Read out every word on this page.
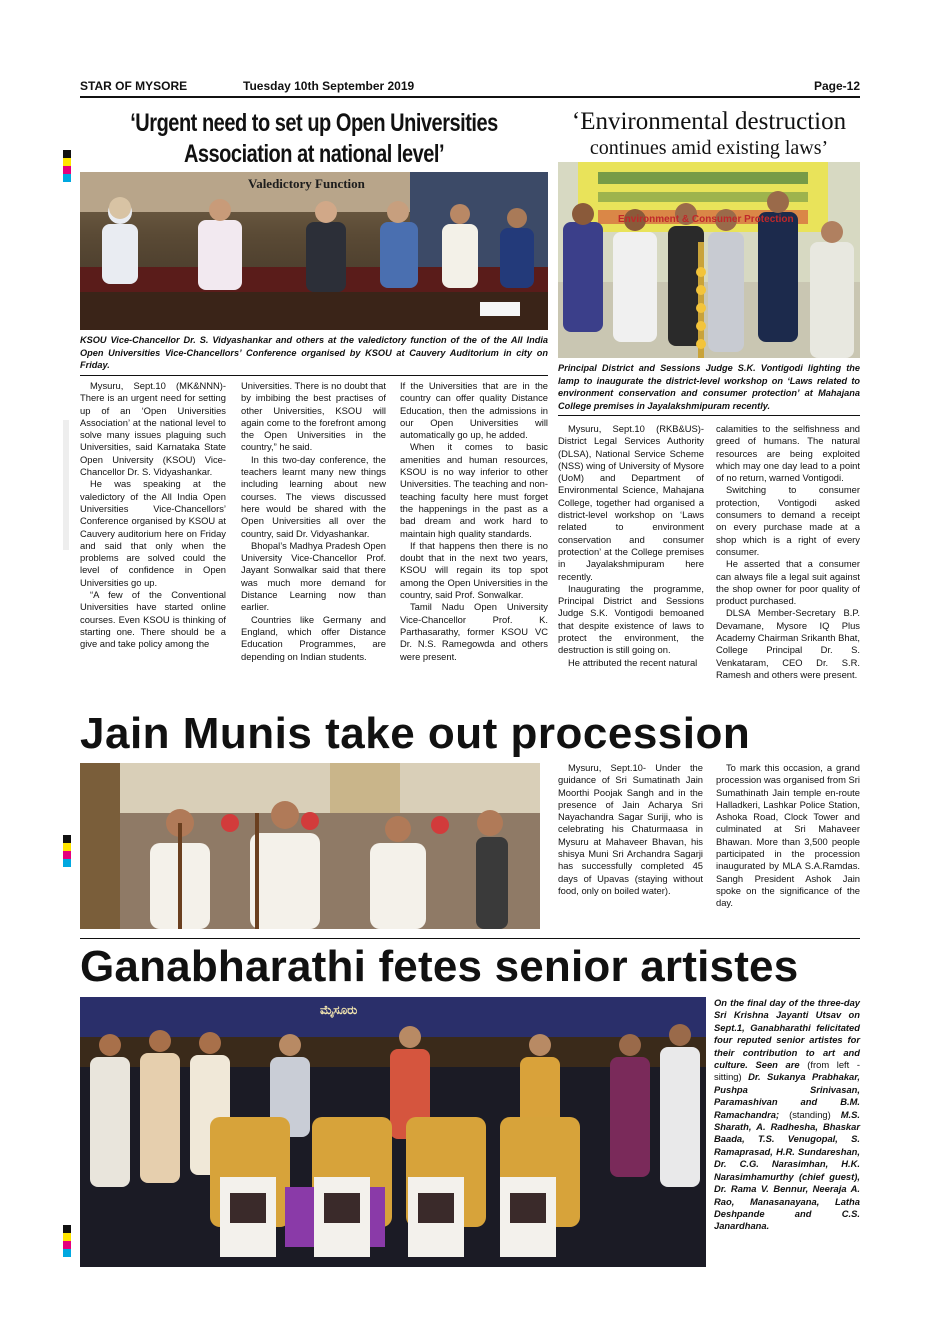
STAR OF MYSORE	Tuesday 10th September 2019	Page-12
‘Urgent need to set up Open Universities
Association at national level’
Valedictory Function
KSOU Vice-Chancellor Dr. S. Vidyashankar and others at the valedictory function of the of the All India Open Universities Vice-Chancellors’ Conference organised by KSOU at Cauvery Auditorium in city on Friday.

Mysuru, Sept.10 (MK&NNN)- There is an urgent need for setting up of an ‘Open Universities Association’ at the national level to solve many issues plaguing such Universities, said Karnataka State Open University (KSOU) Vice-Chancellor Dr. S. Vidyashankar.

He was speaking at the valedictory of the All India Open Universities Vice-Chancellors’ Conference organised by KSOU at Cauvery auditorium here on Friday and said that only when the problems are solved could the level of confidence in Open Universities go up.

“A few of the Conventional Universities have started online courses. Even KSOU is thinking of starting one. There should be a give and take policy among the

Universities. There is no doubt that by imbibing the best practises of other Universities, KSOU will again come to the forefront among the Open Universities in the country,” he said.

In this two-day conference, the teachers learnt many new things including learning about new courses. The views discussed here would be shared with the Open Universities all over the country, said Dr. Vidyashankar.

Bhopal’s Madhya Pradesh Open University Vice-Chancellor Prof. Jayant Sonwalkar said that there was much more demand for Distance Learning now than earlier.

Countries like Germany and England, which offer Distance Education Programmes, are depending on Indian students.

If the Universities that are in the country can offer quality Distance Education, then the admissions in our Open Universities will automatically go up, he added.

When it comes to basic amenities and human resources, KSOU is no way inferior to other Universities. The teaching and non-teaching faculty here must forget the happenings in the past as a bad dream and work hard to maintain high quality standards.

If that happens then there is no doubt that in the next two years, KSOU will regain its top spot among the Open Universities in the country, said Prof. Sonwalkar.

Tamil Nadu Open University Vice-Chancellor Prof. K. Parthasarathy, former KSOU VC Dr. N.S. Ramegowda and others were present.

‘Environmental destruction
continues amid existing laws’
Environment & Consumer Protection
Principal District and Sessions Judge S.K. Vontigodi lighting the lamp to inaugurate the district-level workshop on ‘Laws related to environment conservation and consumer protection’ at Mahajana College premises in Jayalakshmipuram recently.

Mysuru, Sept.10 (RKB&US)- District Legal Services Authority (DLSA), National Service Scheme (NSS) wing of University of Mysore (UoM) and Department of Environmental Science, Mahajana College, together had organised a district-level workshop on ‘Laws related to environment conservation and consumer protection’ at the College premises in Jayalakshmipuram here recently.

Inaugurating the programme, Principal District and Sessions Judge S.K. Vontigodi bemoaned that despite existence of laws to protect the environment, the destruction is still going on.

He attributed the recent natural

calamities to the selfishness and greed of humans. The natural resources are being exploited which may one day lead to a point of no return, warned Vontigodi.

Switching to consumer protection, Vontigodi asked consumers to demand a receipt on every purchase made at a shop which is a right of every consumer.

He asserted that a consumer can always file a legal suit against the shop owner for poor quality of product purchased.

DLSA Member-Secretary B.P. Devamane, Mysore IQ Plus Academy Chairman Srikanth Bhat, College Principal Dr. S. Venkataram, CEO Dr. S.R. Ramesh and others were present.

Jain Munis take out procession

Mysuru, Sept.10- Under the guidance of Sri Sumatinath Jain Moorthi Poojak Sangh and in the presence of Jain Acharya Sri Nayachandra Sagar Suriji, who is celebrating his Chaturmaasa in Mysuru at Mahaveer Bhavan, his shisya Muni Sri Archandra Sagarji has successfully completed 45 days of Upavas (staying without food, only on boiled water).

To mark this occasion, a grand procession was organised from Sri Sumathinath Jain temple en-route Halladkeri, Lashkar Police Station, Ashoka Road, Clock Tower and culminated at Sri Mahaveer Bhawan. More than 3,500 people participated in the procession inaugurated by MLA S.A.Ramdas. Sangh President Ashok Jain spoke on the significance of the day.

Ganabharathi fetes senior artistes
ಮೈಸೂರು
On the final day of the three-day Sri Krishna Jayanti Utsav on Sept.1, Ganabharathi felicitated four reputed senior artistes for their contribution to art and culture. Seen are (from left - sitting) Dr. Sukanya Prabhakar, Pushpa Srinivasan, Paramashivan and B.M. Ramachandra; (standing) M.S. Sharath, A. Radhesha, Bhaskar Baada, T.S. Venugopal, S. Ramaprasad, H.R. Sundareshan, Dr. C.G. Narasimhan, H.K. Narasimhamurthy (chief guest), Dr. Rama V. Bennur, Neeraja A. Rao, Manasanayana, Latha Deshpande and C.S. Janardhana.
